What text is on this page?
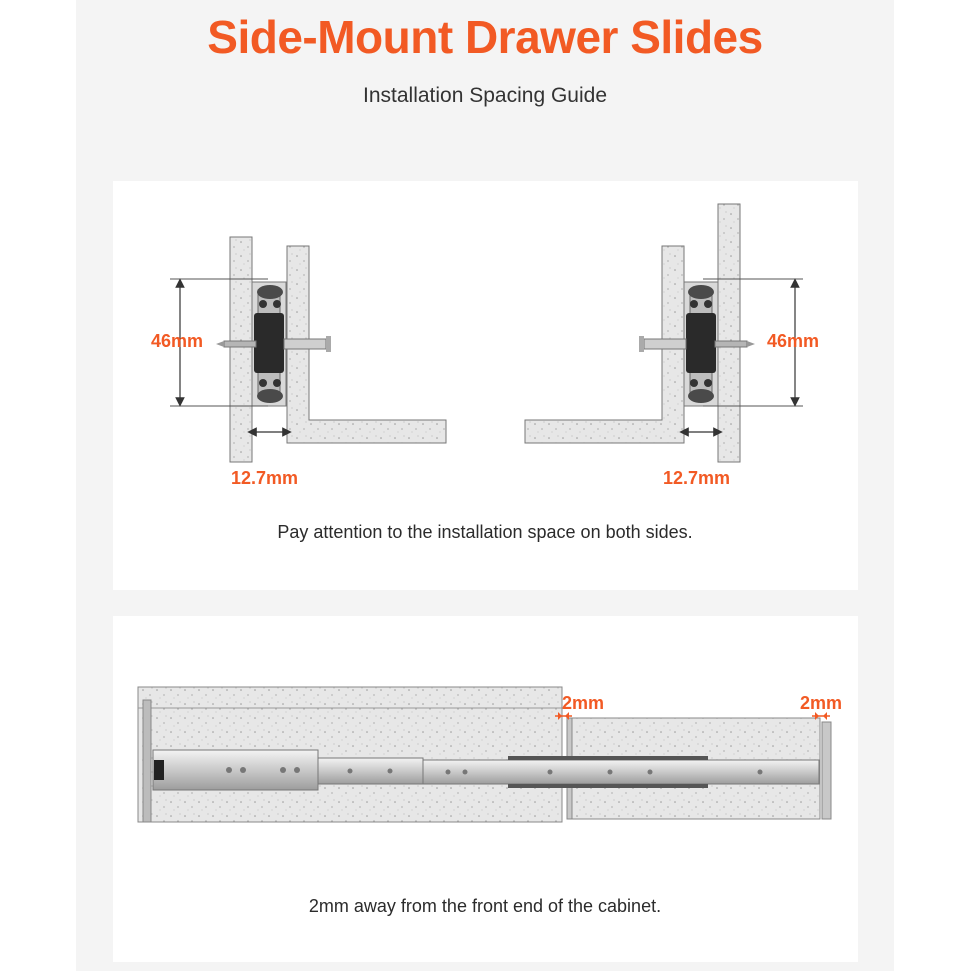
Side-Mount Drawer Slides
Installation Spacing Guide
46mm
12.7mm
46mm
12.7mm
Pay attention to the installation space on both sides.
2mm	2mm
2mm away from the front end of the cabinet.
